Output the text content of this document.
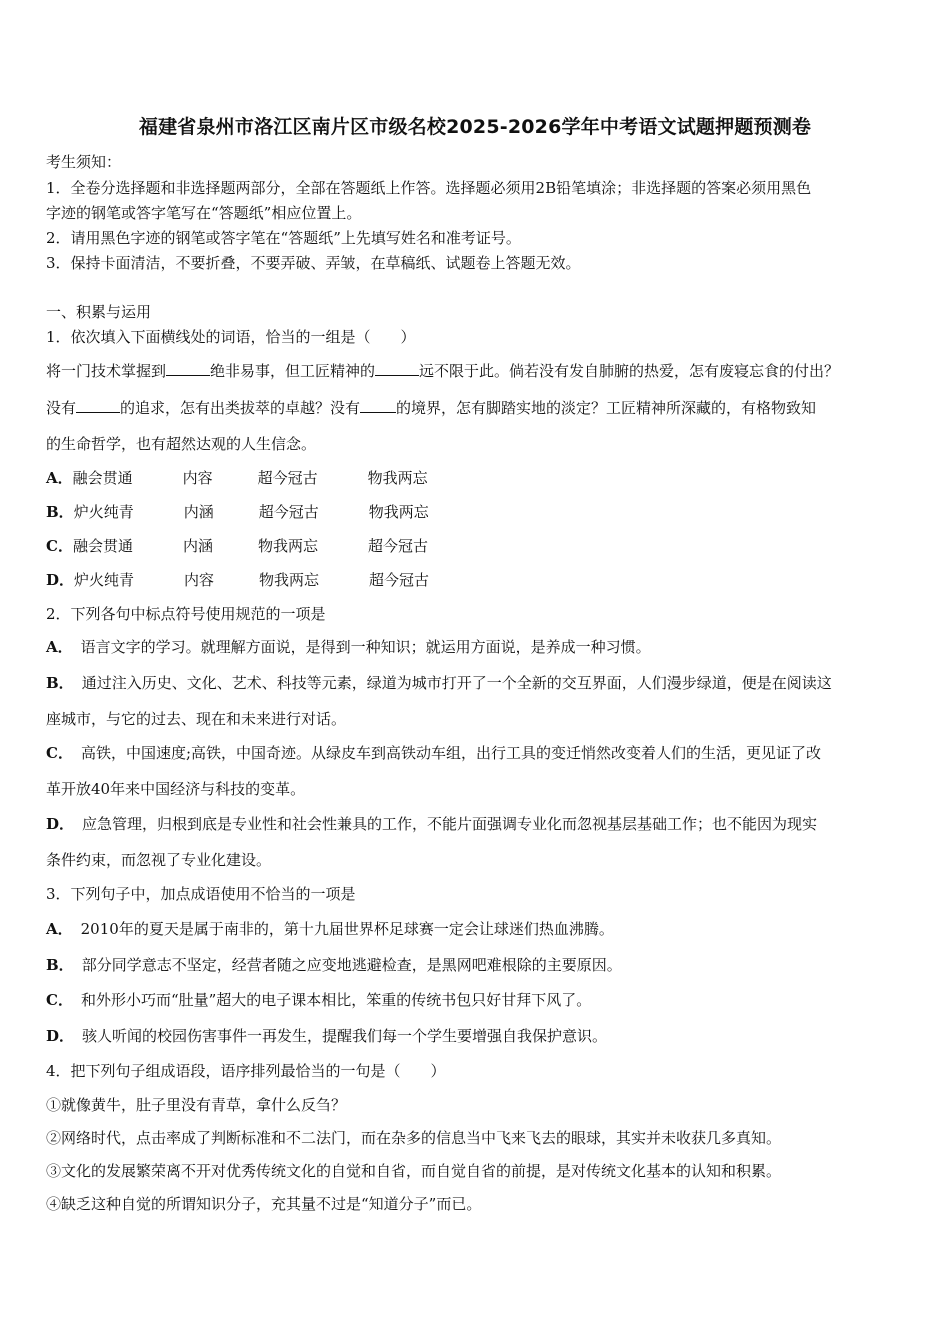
福建省泉州市洛江区南片区市级名校2025-2026学年中考语文试题押题预测卷
考生须知：
1．全卷分选择题和非选择题两部分，全部在答题纸上作答。选择题必须用2B铅笔填涂；非选择题的答案必须用黑色
字迹的钢笔或答字笔写在“答题纸”相应位置上。
2．请用黑色字迹的钢笔或答字笔在“答题纸”上先填写姓名和准考证号。
3．保持卡面清洁，不要折叠，不要弄破、弄皱，在草稿纸、试题卷上答题无效。
一、积累与运用
1．依次填入下面横线处的词语，恰当的一组是（　　）
将一门技术掌握到	绝非易事，但工匠精神的	远不限于此。倘若没有发自肺腑的热爱，怎有废寝忘食的付出？
没有	的追求，怎有出类拔萃的卓越？没有 的境界，怎有脚踏实地的淡定？工匠精神所深藏的，有格物致知
的生命哲学，也有超然达观的人生信念。
A．融会贯通	内容	超今冠古	物我两忘
B．炉火纯青	内涵	超今冠古	物我两忘
C．融会贯通	内涵	物我两忘	超今冠古
D．炉火纯青	内容	物我两忘	超今冠古
2．下列各句中标点符号使用规范的一项是
A． 语言文字的学习。就理解方面说，是得到一种知识；就运用方面说，是养成一种习惯。
B． 通过注入历史、文化、艺术、科技等元素，绿道为城市打开了一个全新的交互界面，人们漫步绿道，便是在阅读这
座城市，与它的过去、现在和未来进行对话。
C． 高铁，中国速度;高铁，中国奇迹。从绿皮车到高铁动车组，出行工具的变迁悄然改变着人们的生活，更见证了改
革开放40年来中国经济与科技的变革。
D． 应急管理，归根到底是专业性和社会性兼具的工作，不能片面强调专业化而忽视基层基础工作；也不能因为现实
条件约束，而忽视了专业化建设。
3．下列句子中，加点成语使用不恰当的一项是
A． 2010年的夏天是属于南非的，第十九届世界杯足球赛一定会让球迷们热血沸腾。
B． 部分同学意志不坚定，经营者随之应变地逃避检查，是黑网吧难根除的主要原因。
C． 和外形小巧而“肚量”超大的电子课本相比，笨重的传统书包只好甘拜下风了。
D． 骇人听闻的校园伤害事件一再发生，提醒我们每一个学生要增强自我保护意识。
4．把下列句子组成语段，语序排列最恰当的一句是（　　）
①就像黄牛，肚子里没有青草，拿什么反刍？
②网络时代，点击率成了判断标准和不二法门，而在杂多的信息当中飞来飞去的眼球，其实并未收获几多真知。
③文化的发展繁荣离不开对优秀传统文化的自觉和自省，而自觉自省的前提，是对传统文化基本的认知和积累。
④缺乏这种自觉的所谓知识分子，充其量不过是“知道分子”而已。
